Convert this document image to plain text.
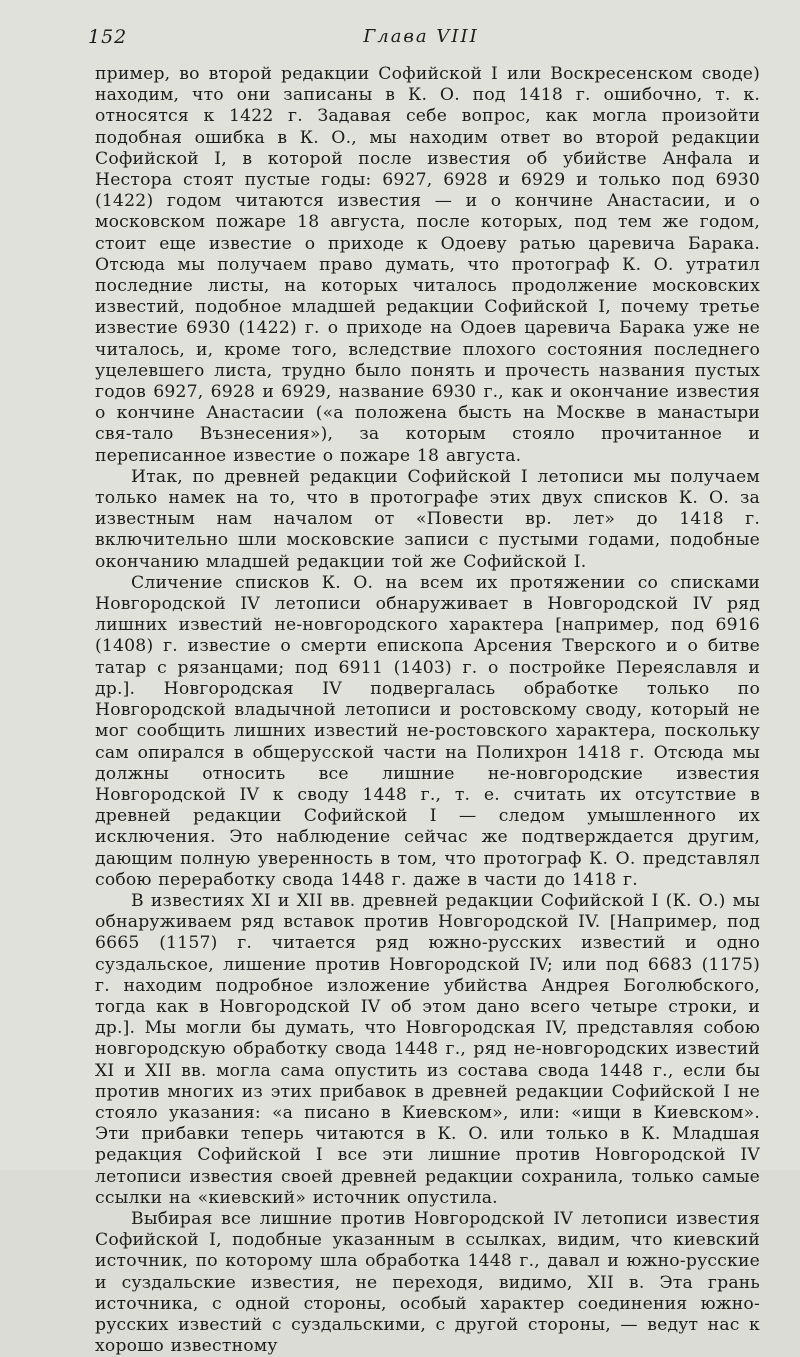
152	Глава VIII

пример, во второй редакции Софийской I или Воскресенском своде) находим, что они записаны в К. О. под 1418 г. ошибочно, т. к. относятся к 1422 г. Задавая себе вопрос, как могла произойти подобная ошибка в К. О., мы находим ответ во второй редакции Софийской I, в которой после известия об убийстве Анфала и Нестора стоят пустые годы: 6927, 6928 и 6929 и только под 6930 (1422) годом читаются известия — и о кончине Анастасии, и о московском пожаре 18 августа, после которых, под тем же годом, стоит еще известие о приходе к Одоеву ратью царевича Барака. Отсюда мы получаем право думать, что протограф К. О. утратил последние листы, на которых читалось продолжение московских известий, подобное младшей редакции Софийской I, почему третье известие 6930 (1422) г. о приходе на Одоев царевича Барака уже не читалось, и, кроме того, вследствие плохого состояния последнего уцелевшего листа, трудно было понять и прочесть названия пустых годов 6927, 6928 и 6929, название 6930 г., как и окончание известия о кончине Анастасии («а положена бысть на Москве в манастыри свя-тало Възнесения»), за которым стояло прочитанное и переписанное известие о пожаре 18 августа.

Итак, по древней редакции Софийской I летописи мы получаем только намек на то, что в протографе этих двух списков К. О. за известным нам началом от «Повести вр. лет» до 1418 г. включительно шли московские записи с пустыми годами, подобные окончанию младшей редакции той же Софийской I.

Сличение списков К. О. на всем их протяжении со списками Новгородской IV летописи обнаруживает в Новгородской IV ряд лишних известий не-новгородского характера [например, под 6916 (1408) г. известие о смерти епископа Арсения Тверского и о битве татар с рязанцами; под 6911 (1403) г. о постройке Переяславля и др.]. Новгородская IV подвергалась обработке только по Новгородской владычной летописи и ростовскому своду, который не мог сообщить лишних известий не-ростовского характера, поскольку сам опирался в общерусской части на Полихрон 1418 г. Отсюда мы должны относить все лишние не-новгородские известия Новгородской IV к своду 1448 г., т. е. считать их отсутствие в древней редакции Софийской I — следом умышленного их исключения. Это наблюдение сейчас же подтверждается другим, дающим полную уверенность в том, что протограф К. О. представлял собою переработку свода 1448 г. даже в части до 1418 г.

В известиях XI и XII вв. древней редакции Софийской I (К. О.) мы обнаруживаем ряд вставок против Новгородской IV. [Например, под 6665 (1157) г. читается ряд южно-русских известий и одно суздальское, лишение против Новгородской IV; или под 6683 (1175) г. находим подробное изложение убийства Андрея Боголюбского, тогда как в Новгородской IV об этом дано всего четыре строки, и др.]. Мы могли бы думать, что Новгородская IV, представляя собою новгородскую обработку свода 1448 г., ряд не-новгородских известий XI и XII вв. могла сама опустить из состава свода 1448 г., если бы против многих из этих прибавок в древней редакции Софийской I не стояло указания: «а писано в Киевском», или: «ищи в Киевском». Эти прибавки теперь читаются в К. О. или только в К. Младшая редакция Софийской I все эти лишние против Новгородской IV летописи известия своей древней редакции сохранила, только самые ссылки на «киевский» источник опустила.

Выбирая все лишние против Новгородской IV летописи известия Софийской I, подобные указанным в ссылках, видим, что киевский источник, по которому шла обработка 1448 г., давал и южно-русские и суздальские известия, не переходя, видимо, XII в. Эта грань источника, с одной стороны, особый характер соединения южно-русских известий с суздальскими, с другой стороны, — ведут нас к хорошо известному
